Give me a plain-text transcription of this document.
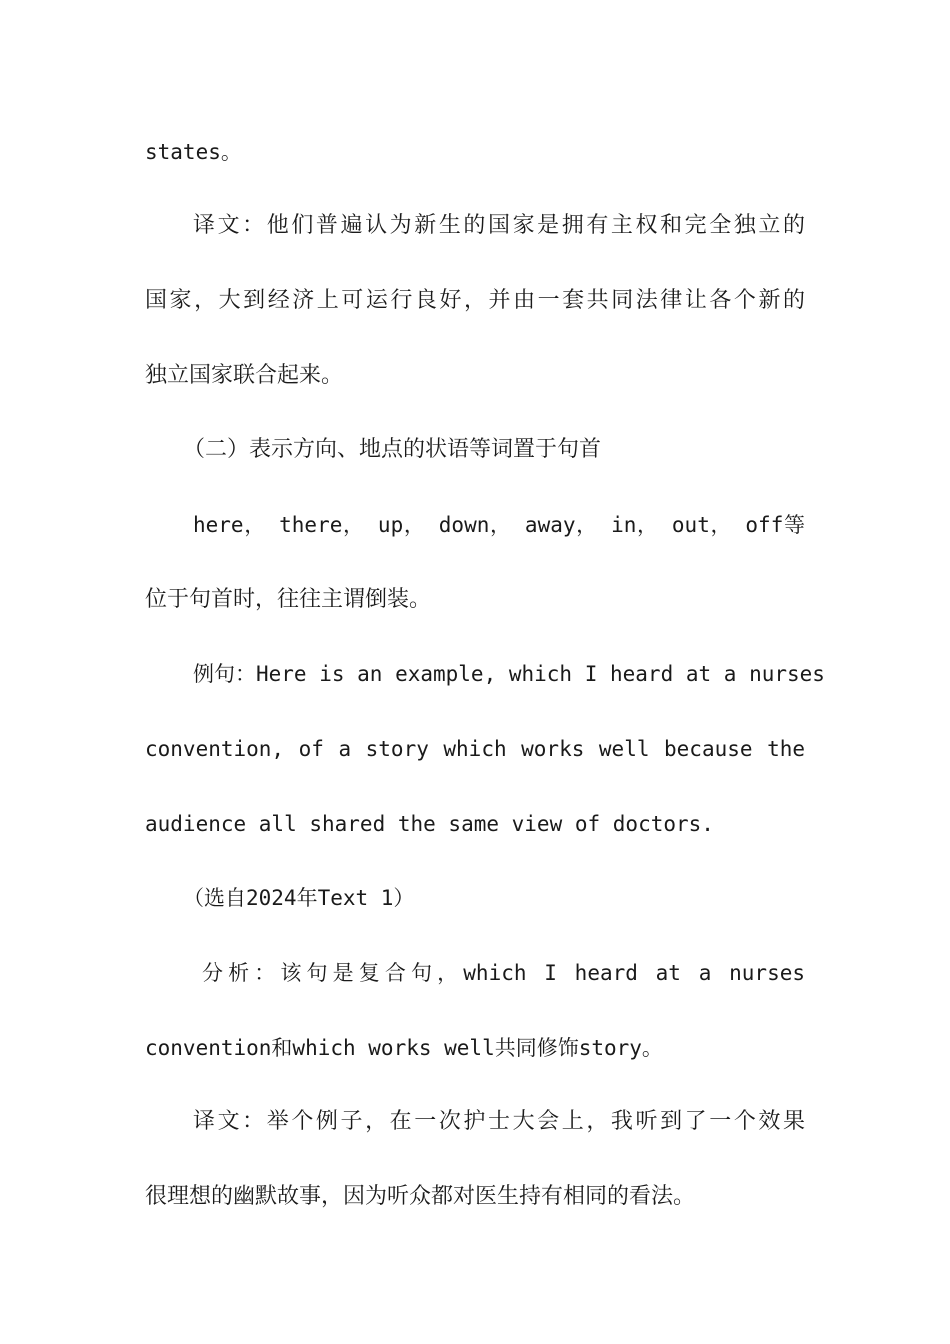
states。
译文：他们普遍认为新生的国家是拥有主权和完全独立的
国家，大到经济上可运行良好，并由一套共同法律让各个新的
独立国家联合起来。
（二）表示方向、地点的状语等词置于句首
here， there， up， down， away， in， out， off等
位于句首时，往往主谓倒装。
例句：Here is an example, which I heard at a nurses
convention, of a story which works well because the
audience all shared the same view of doctors.
（选自2024年Text 1）
分析：该句是复合句，which I heard at a nurses
convention和which works well共同修饰story。
译文：举个例子，在一次护士大会上，我听到了一个效果
很理想的幽默故事，因为听众都对医生持有相同的看法。
